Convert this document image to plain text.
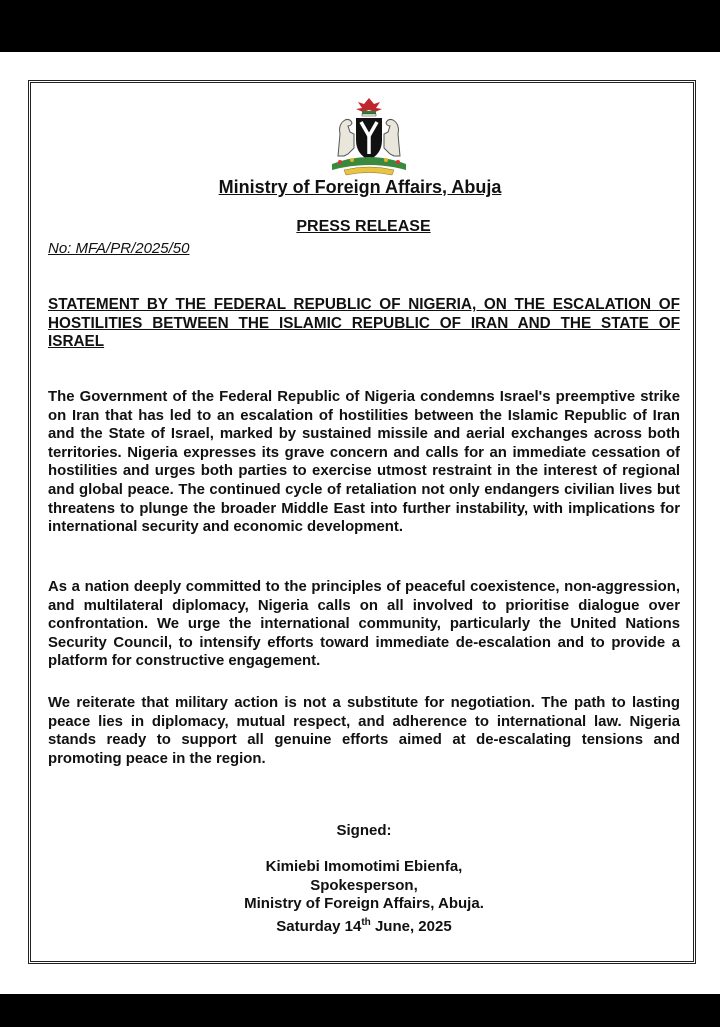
Ministry of Foreign Affairs, Abuja
PRESS RELEASE
No: MFA/PR/2025/50
STATEMENT BY THE FEDERAL REPUBLIC OF NIGERIA, ON THE ESCALATION OF HOSTILITIES BETWEEN THE ISLAMIC REPUBLIC OF IRAN AND THE STATE OF ISRAEL

The Government of the Federal Republic of Nigeria condemns Israel's preemptive strike on Iran that has led to an escalation of hostilities between the Islamic Republic of Iran and the State of Israel, marked by sustained missile and aerial exchanges across both territories. Nigeria expresses its grave concern and calls for an immediate cessation of hostilities and urges both parties to exercise utmost restraint in the interest of regional and global peace. The continued cycle of retaliation not only endangers civilian lives but threatens to plunge the broader Middle East into further instability, with implications for international security and economic development.

As a nation deeply committed to the principles of peaceful coexistence, non-aggression, and multilateral diplomacy, Nigeria calls on all involved to prioritise dialogue over confrontation. We urge the international community, particularly the United Nations Security Council, to intensify efforts toward immediate de-escalation and to provide a platform for constructive engagement.

We reiterate that military action is not a substitute for negotiation. The path to lasting peace lies in diplomacy, mutual respect, and adherence to international law. Nigeria stands ready to support all genuine efforts aimed at de-escalating tensions and promoting peace in the region.

Signed:
Kimiebi Imomotimi Ebienfa,
Spokesperson,
Ministry of Foreign Affairs, Abuja.
Saturday 14th June, 2025
